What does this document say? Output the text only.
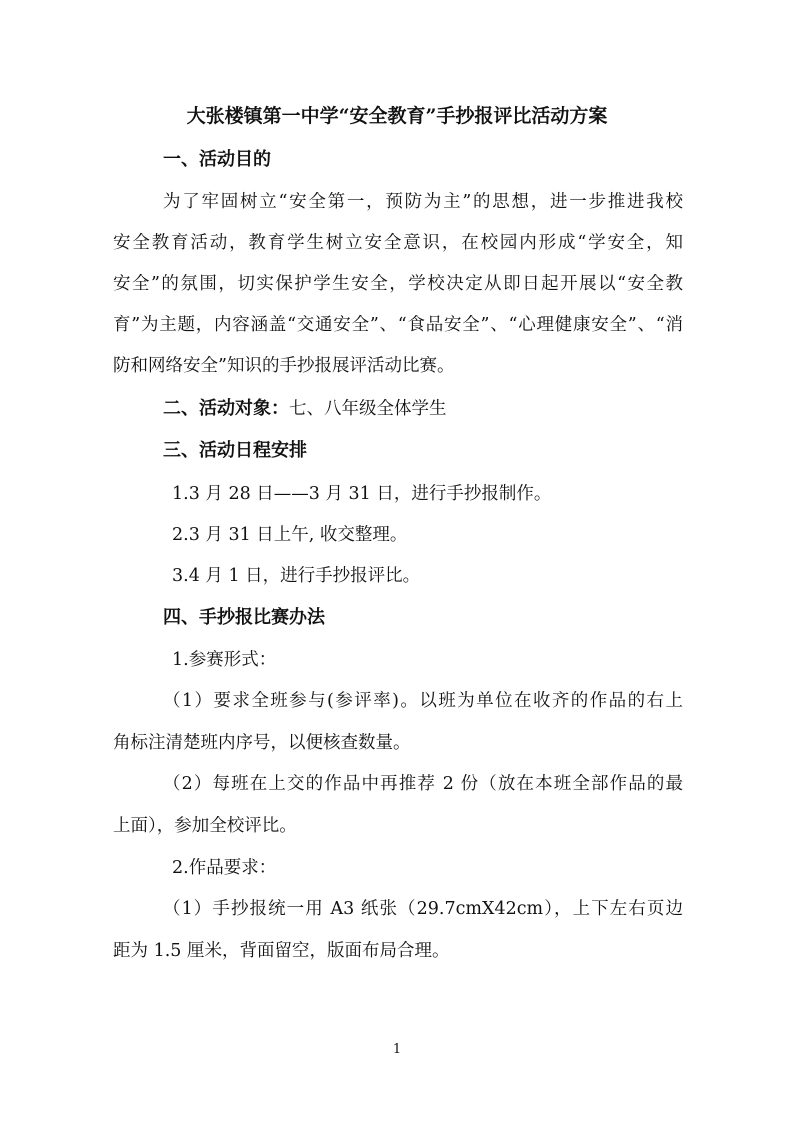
大张楼镇第一中学“安全教育”手抄报评比活动方案
一、活动目的
为了牢固树立“安全第一，预防为主”的思想，进一步推进我校
安全教育活动，教育学生树立安全意识，在校园内形成“学安全，知
安全”的氛围，切实保护学生安全，学校决定从即日起开展以“安全教
育”为主题，内容涵盖“交通安全”、“食品安全”、“心理健康安全”、“消
防和网络安全”知识的手抄报展评活动比赛。
二、活动对象：七、八年级全体学生
三、活动日程安排
1.3 月 28 日——3 月 31 日，进行手抄报制作。
2.3 月 31 日上午, 收交整理。
3.4 月 1 日，进行手抄报评比。
四、手抄报比赛办法
1.参赛形式：
（1）要求全班参与(参评率)。以班为单位在收齐的作品的右上
角标注清楚班内序号，以便核查数量。
（2）每班在上交的作品中再推荐 2 份（放在本班全部作品的最
上面），参加全校评比。
2.作品要求：
（1）手抄报统一用 A3 纸张（29.7cmX42cm），上下左右页边
距为 1.5 厘米，背面留空，版面布局合理。
1
